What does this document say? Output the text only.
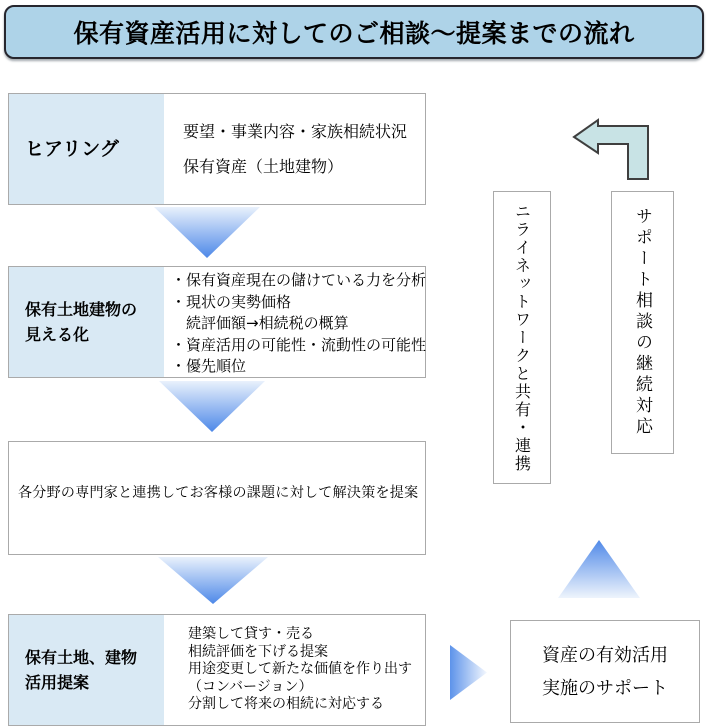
保有資産活用に対してのご相談～提案までの流れ
ヒアリング
要望・事業内容・家族相続状況
保有資産（土地建物）
保有土地建物の
見える化
・保有資産現在の儲けている力を分析
・現状の実勢価格
　続評価額→相続税の概算
・資産活用の可能性・流動性の可能性
・優先順位
各分野の専門家と連携してお客様の課題に対して解決策を提案
保有土地、建物
活用提案
建築して貸す・売る
相続評価を下げる提案
用途変更して新たな価値を作り出す
（コンバージョン）
分割して将来の相続に対応する
資産の有効活用
実施のサポート
ニライネットワークと共有・連携	サポート相談の継続対応
